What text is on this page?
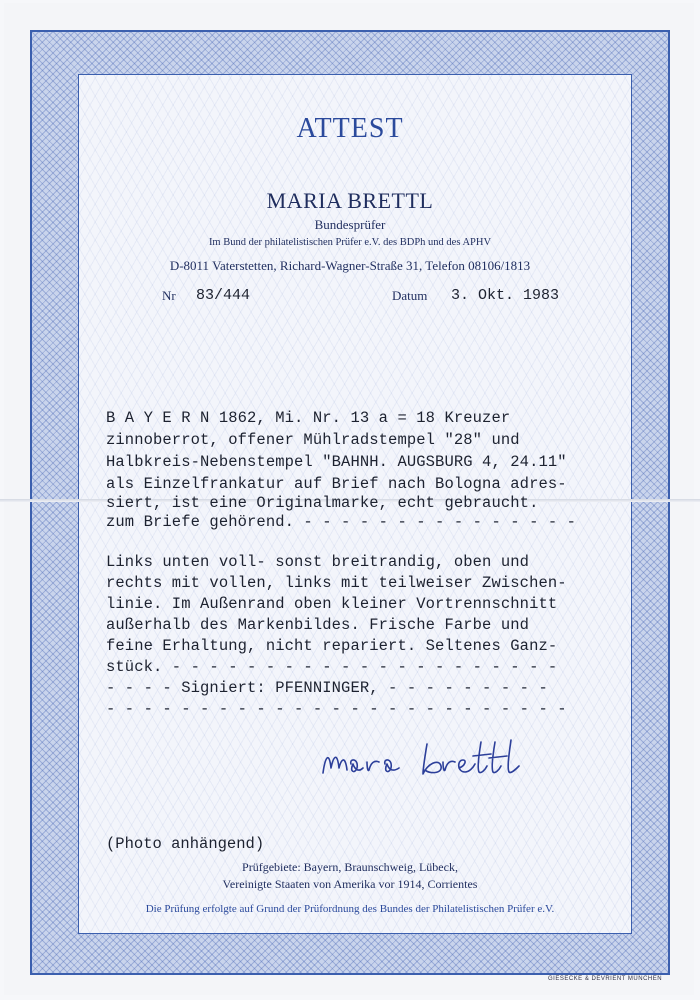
ATTEST
MARIA BRETTL
Bundesprüfer
Im Bund der philatelistischen Prüfer e.V. des BDPh und des APHV
D-8011 Vaterstetten, Richard-Wagner-Straße 31, Telefon 08106/1813
Nr 83/444	Datum 3. Okt. 1983
B A Y E R N 1862, Mi. Nr. 13 a = 18 Kreuzer
zinnoberrot, offener Mühlradstempel "28" und
Halbkreis-Nebenstempel "BAHNH. AUGSBURG 4, 24.11"
als Einzelfrankatur auf Brief nach Bologna adres-
siert, ist eine Originalmarke, echt gebraucht.
zum Briefe gehörend. - - - - - - - - - - - - - - -
Links unten voll- sonst breitrandig, oben und
rechts mit vollen, links mit teilweiser Zwischen-
linie. Im Außenrand oben kleiner Vortrennschnitt
außerhalb des Markenbildes. Frische Farbe und
feine Erhaltung, nicht repariert. Seltenes Ganz-
stück. - - - - - - - - - - - - - - - - - - - - -
- - - - Signiert: PFENNINGER, - - - - - - - - -
- - - - - - - - - - - - - - - - - - - - - - - - -
(Photo anhängend)
Prüfgebiete: Bayern, Braunschweig, Lübeck,
Vereinigte Staaten von Amerika vor 1914, Corrientes
Die Prüfung erfolgte auf Grund der Prüfordnung des Bundes der Philatelistischen Prüfer e.V.
GIESECKE & DEVRIENT MÜNCHEN
